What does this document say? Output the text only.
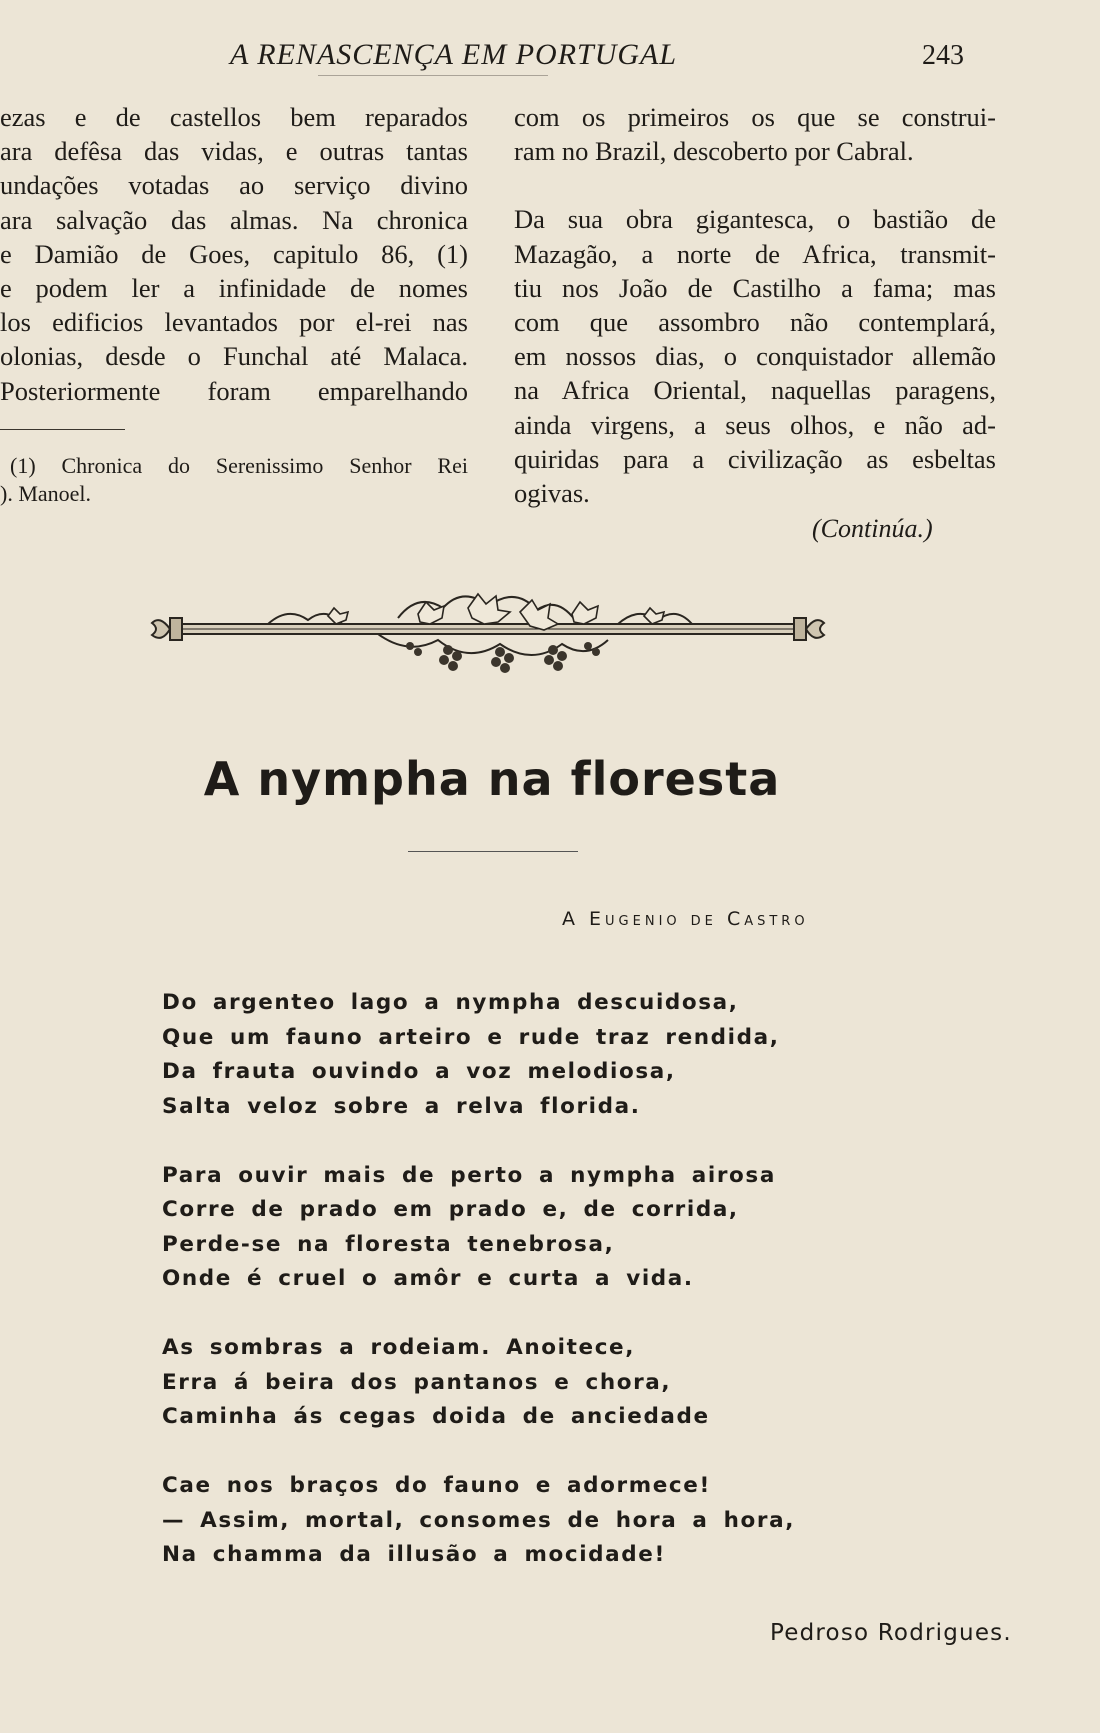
A RENASCENÇA EM PORTUGAL	243
ezas e de castellos bem reparados
ara defêsa das vidas, e outras tantas
undações votadas ao serviço divino
ara salvação das almas. Na chronica
e Damião de Goes, capitulo 86, (1)
e podem ler a infinidade de nomes
los edificios levantados por el-rei nas
olonias, desde o Funchal até Malaca.
Posteriormente foram emparelhando
(1) Chronica do Serenissimo Senhor Rei
). Manoel.
com os primeiros os que se construi-
ram no Brazil, descoberto por Cabral.
Da sua obra gigantesca, o bastião de
Mazagão, a norte de Africa, transmit-
tiu nos João de Castilho a fama; mas
com que assombro não contemplará,
em nossos dias, o conquistador allemão
na Africa Oriental, naquellas paragens,
ainda virgens, a seus olhos, e não ad-
quiridas para a civilização as esbeltas
ogivas.
(Continúa.)
A nympha na floresta
A Eugenio de Castro
Do argenteo lago a nympha descuidosa,
Que um fauno arteiro e rude traz rendida,
Da frauta ouvindo a voz melodiosa,
Salta veloz sobre a relva florida.
Para ouvir mais de perto a nympha airosa
Corre de prado em prado e, de corrida,
Perde-se na floresta tenebrosa,
Onde é cruel o amôr e curta a vida.
As sombras a rodeiam. Anoitece,
Erra á beira dos pantanos e chora,
Caminha ás cegas doida de anciedade
Cae nos braços do fauno e adormece!
— Assim, mortal, consomes de hora a hora,
Na chamma da illusão a mocidade!
Pedroso Rodrigues.
